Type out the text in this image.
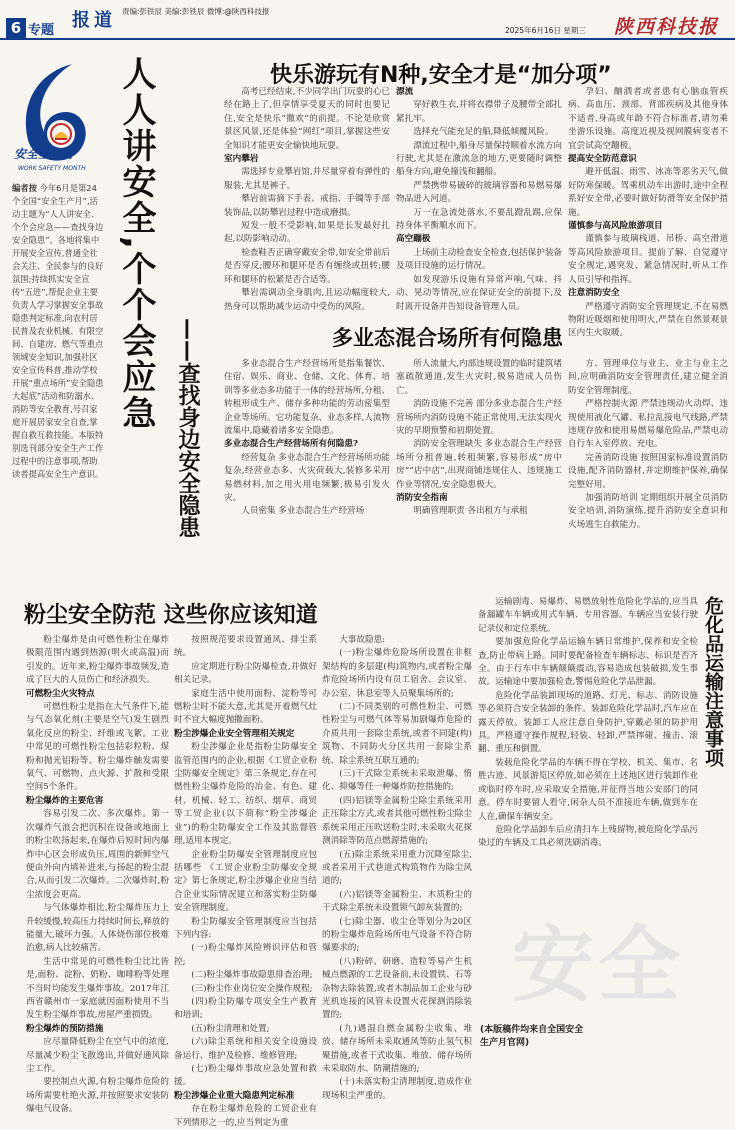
6 专题 报道 责编:彭铁辰 美编:彭铁辰 微博:@陕西科技报
2025年6月16日 星期三 陕西科技报
安全生产月
WORK SAFETY MONTH
编者按 今年6月是第24个全国“安全生产月”,活动主题为“人人讲安全、个个会应急——查找身边安全隐患”。各地将集中开展安全宣传,普通全社会关注、全民参与的良好氛围;持续抓实安全宣传“五进”,帮促企业主要负责人学习掌握安全事故隐患判定标准,向农村居民普及农业机械、有限空间、自建房、燃气等重点领域安全知识,加强社区安全宣传科普,推动学校开展“重点场所”安全隐患大起底”活动和防溺水、消防等安全教育,号召家庭开展居家安全自查,掌握自救互救技能。本版特别选刊部分安全生产工作过程中的注意事项,帮助读者提高安全生产意识。
人人讲安全,个个会应急 ——查找身边安全隐患
快乐游玩有N种,安全才是“加分项”

高考已经结束,不少同学出门玩耍的心已经在路上了,但享情享受夏天的同时也要记住,安全是快乐“撒欢”的前提。不论是欣赏景区风景,还是体验“网红”项目,掌握这些安全知识才能更安全愉快地玩耍。

室内攀岩

需选择专业攀岩馆,并尽量穿着有弹性的服装,尤其是裤子。

攀岩前需摘下手表、戒指、手镯等手部装饰品,以防攀岩过程中造成磨损。

短发一般不受影响,如果是长发最好扎起,以防影响动动。

检查鞋否正确穿戴安全带,如安全带前后是否穿反;腰环和腿环是否有缠绕或扭转;腰环和腿环的松紧是否合适等。

攀岩需调动全身肌肉,且运动幅度较大,热身可以帮助减少运动中受伤的风险。

漂流

穿好救生衣,并将衣襟带子及腰带全部扎紧扎牢。

选择充气能充足的船,降低倾覆风险。

漂流过程中,船身尽量保持顺着水流方向行驶,尤其是在激流急的地方,更要随时调整船身方向,避免撞浅和翻船。

严禁携带易破碎的玻璃容器和易燃易爆物品进入河道。

万一在急流处落水,不要乱蹬乱踢,应保持身体平衡顺水而下。

高空蹦极

上场前主动检查安全检查,包括保护装备及项目设施的运行情况。

如发现游乐设施有异常声响,气味、抖动、晃动等情况,应在保证安全的前提下,及时离开设备并告知设备管理人员。

孕妇、酗酒者或者患有心脑血管疾病、高血压、颈部、背部疾病及其他身体不适者,身高或年龄不符合标准者,请勿乘坐游乐设施。高度近视及视网膜病变者不宜尝试高空蹦极。

提高安全防范意识

避开低温、雨雪、冰冻等恶劣天气,做好防寒保暖。驾乘机动车出游时,途中全程系好安全带,必要时做好防滑等安全保护措施。

谨慎参与高风险旅游项目

谨慎参与玻璃栈道、吊桥、高空滑道等高风险旅游项目。提前了解、自觉遵守安全规定,遇突发、紧急情况时,听从工作人员引导和指挥。

注意消防安全

严格遵守消防安全管理规定,不在易燃物附近吸烟和使用明火,严禁在自然景观景区内生火取暖。

多业态混合场所有何隐患

多业态混合生产经营场所是指集餐饮、住宿、娱乐、商业、仓储、文化、体育、培训等多业态多功能于一体的经营场所,分租、转租形成生产、储存多种功能的劳动密集型企业等场所。它功能复杂、业态多样,人流物流集中,隐藏着诸多安全隐患。

多业态混合生产经营场所有何隐患?

经营复杂 多业态混合生产经营场所功能复杂,经营业态多、火灾荷载大,装修多采用易燃材料,加之用火用电频繁,极易引发火灾。

人员密集 多业态混合生产经营场

所人流量大,内部违规设置的临时建筑堵塞疏散通道,发生火灾时,极易造成人员伤亡。

消防设施不完善 部分多业态混合生产经营场所内消防设施不能正常使用,无法实现火灾的早期预警和初期处置。

消防安全管理缺失 多业态混合生产经营场所分租普遍,转租频繁,容易形成“房中房”“店中店”,出现商铺违规住人、违规施工作业等情况,安全隐患极大。

消防安全指南

明确管理职责 各出租方与承租

方、管理单位与业主、业主与业主之间,应明确消防安全管理责任,建立健全消防安全管理制度。

严格控制火源 严禁违规动火动焊、违规使用液化气罐、私拉乱接电气线路,严禁违规存放和使用易燃易爆危险品,严禁电动自行车入室停放、充电。

完善消防设施 按照国家标准设置消防设施,配齐消防器材,并定期维护保养,确保完整好用。

加强消防培训 定期组织开展全员消防安全培训,消防演练,提升消防安全意识和火场逃生自救能力。

粉尘安全防范 这些你应该知道

粉尘爆炸是由可燃性粉尘在爆炸极限范围内遇到热源(明火或高温)而引发的。近年来,粉尘爆炸事故频发,造成了巨大的人员伤亡和经济损失。

可燃粉尘火灾特点

可燃性粉尘是指在大气条件下,能与气态氧化剂(主要是空气)发生剧烈氧化反应的粉尘、纤维或飞絮。工业中常见的可燃性粉尘包括彩粒粉、煤粉和抛光铝粉等。粉尘爆炸触发需要氧气、可燃物、点火源、扩散和受限空间5个条件。

粉尘爆炸的主要危害

容易引发二次、多次爆炸。第一次爆炸气浪会把沉积在设备或地面上的粉尘吹扬起来,在爆炸后短时间内爆炸中心区会形成负压,周围的新鲜空气便由外向内填补进来,与扬起的粉尘混合,从而引发二次爆炸。二次爆炸时,粉尘浓度会更高。

与气体爆炸相比,粉尘爆炸压力上升较缓慢,较高压力持续时间长,释放的能量大,破坏力强。人体烧伤部位极难治愈,病人比较痛苦。

生活中常见的可燃性粉尘比比皆是,面粉、淀粉、奶粉、咖啡粉等处理不当时均能发生爆炸事故。2017年江西省赣州市一家庭就因面粉使用不当发生粉尘爆炸事故,房屋严重损毁。

粉尘爆炸的预防措施

应尽量降低粉尘在空气中的浓度,尽量减少粉尘飞散逸出,并做好通风除尘工作。

要控制点火源,有粉尘爆炸危险的场所需要杜绝火源,并按照要求安装防爆电气设备。

按照规范要求设置通风、排尘系统。

应定期进行粉尘防爆检查,并做好相关记录。

家庭生活中使用面粉、淀粉等可燃粉尘时不能大意,尤其是开着燃气灶时不宜大幅度抛撒面粉。

粉尘涉爆企业安全管理相关规定

粉尘涉爆企业是指粉尘防爆安全监管范围内的企业,根据《工贸企业粉尘防爆安全规定》第三条规定,存在可燃性粉尘爆炸危险的冶金、有色、建材、机械、轻工、纺织、烟草、商贸等工贸企业(以下简称“粉尘涉爆企业”)的粉尘防爆安全工作及其监督管理,适用本规定。

企业粉尘防爆安全管理制度应包括哪些 《工贸企业粉尘防爆安全规定》第七条规定,粉尘涉爆企业应当结合企业实际情况建立和落实粉尘防爆安全管理制度。

粉尘防爆安全管理制度应当包括下列内容:

(一)粉尘爆炸风险辨识评估和管控;

(二)粉尘爆炸事故隐患排查治理;

(三)粉尘作业岗位安全操作规程;

(四)粉尘防爆专项安全生产教育和培训;

(五)粉尘清理和处置;

(六)除尘系统和相关安全设施设备运行、维护及检修、维修管理;

(七)粉尘爆炸事故应急处置和救援。

粉尘涉爆企业重大隐患判定标准

存在粉尘爆炸危险的工贸企业有下列情形之一的,应当判定为重

大事故隐患:

(一)粉尘爆炸危险场所设置在非框架结构的多层建(构)筑物内,或者粉尘爆炸危险场所内设有员工宿舍、会议室、办公室、休息室等人员聚集场所的;

(二)不同类别的可燃性粉尘、可燃性粉尘与可燃气体等易加剧爆炸危险的介质共用一套除尘系统,或者不同建(构)筑物、不同防火分区共用一套除尘系统、除尘系统互联互通的;

(三)干式除尘系统未采取泄爆、惰化、抑爆等任一种爆炸防控措施的;

(四)铝镁等金属粉尘除尘系统采用正压除尘方式,或者其他可燃性粉尘除尘系统采用正压吹送粉尘时,未采取火花探测消除等防范点燃源措施的;

(五)除尘系统采用重力沉降室除尘,或者采用干式巷道式构筑物作为除尘风道的;

(六)铝镁等金属粉尘、木质粉尘的干式除尘系统未设置锁气卸灰装置的;

(七)除尘器、收尘仓等划分为20区的粉尘爆炸危险场所电气设备不符合防爆要求的;

(八)粉碎、研磨、造粒等易产生机械点燃源的工艺设备前,未设置铁、石等杂物去除装置,或者木制品加工企业与砂光机连接的风管未设置火花探测消除装置的;

(九)遇湿自燃金属粉尘收集、堆放、储存场所未采取通风等防止氢气积聚措施,或者干式收集、堆放、储存场所未采取防水、防潮措施的;

(十)未落实粉尘清理制度,造成作业现场积尘严重的。

安全

运输剧毒、易爆炸、易燃放射性危险化学品的,应当具备漏罐车车辆或用式车辆、专用容器。车辆应当安装行驶记录仪和定位系统。

要加强危险化学品运输车辆日常维护,保养和安全检查,防止带病上路。同时要配备检查车辆标志、标识是否齐全。由于行车中车辆颠簸震动,容易造成包装破损,发生事故。运输途中要加强检查,警惕危险化学品泄漏。

危险化学品装卸现场的道路、灯光、标志、消防设施等必须符合安全装卸的条件。装卸危险化学品时,汽车应在露天停放。装卸工人应注意自身防护,穿戴必须的防护用具。严格遵守操作规程,轻装、轻卸,严禁摔碰、撞击、滚翻、重压和倒置。

装载危险化学品的车辆不得在学校、机关、集市、名胜古迹、风景游览区停放,如必须在上述地区进行装卸作业或临时停车时,应采取安全措施,并征得当地公安部门的同意。停车时要留人看守,闲杂人员不准接近车辆,做到车在人在,确保车辆安全。

危险化学品卸车后应清扫车上残留物,被危险化学品污染过的车辆及工具必须洗刷消毒。

危化品运输注意事项
(本版稿件均来自全国安全生产月官网)
